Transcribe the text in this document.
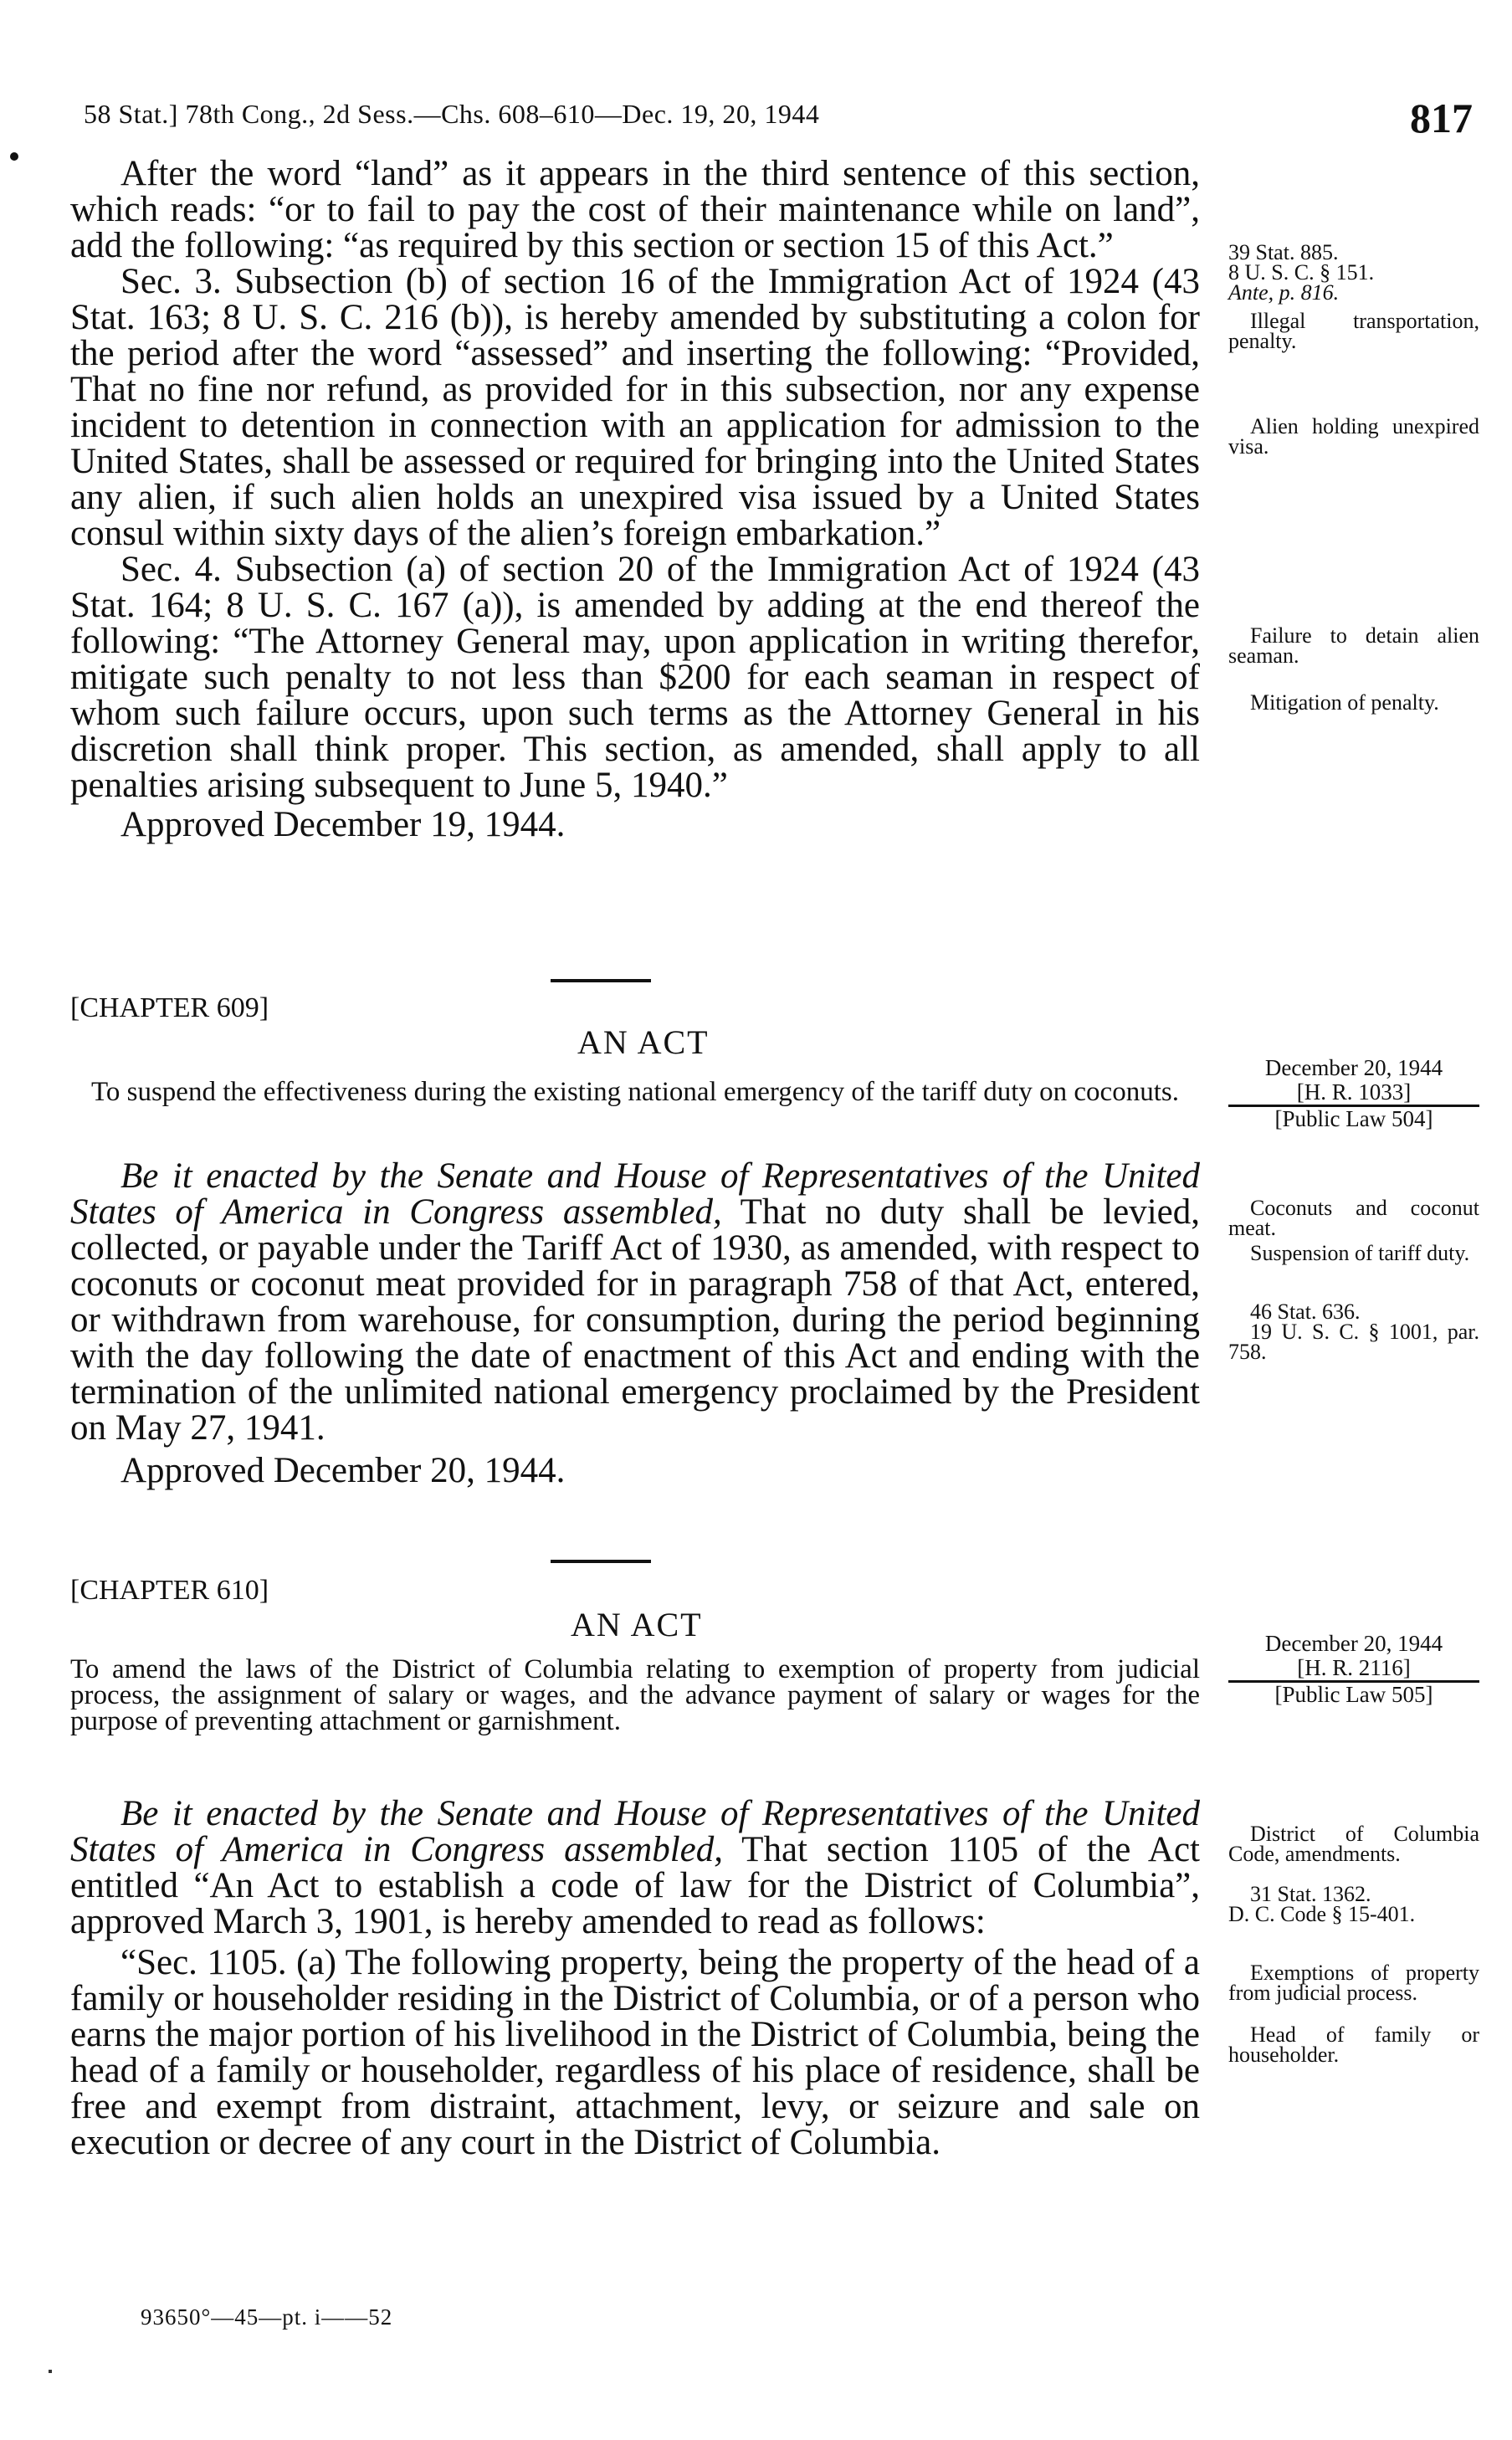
58 Stat.] 78th Cong., 2d Sess.—Chs. 608–610—Dec. 19, 20, 1944	817

After the word “land” as it appears in the third sentence of this section, which reads: “or to fail to pay the cost of their maintenance while on land”, add the following: “as required by this section or section 15 of this Act.”

Sec. 3. Subsection (b) of section 16 of the Immigration Act of 1924 (43 Stat. 163; 8 U. S. C. 216 (b)), is hereby amended by substituting a colon for the period after the word “assessed” and inserting the following: “Provided, That no fine nor refund, as provided for in this subsection, nor any expense incident to detention in connection with an application for admission to the United States, shall be assessed or required for bringing into the United States any alien, if such alien holds an unexpired visa issued by a United States consul within sixty days of the alien’s foreign embarkation.”

Sec. 4. Subsection (a) of section 20 of the Immigration Act of 1924 (43 Stat. 164; 8 U. S. C. 167 (a)), is amended by adding at the end thereof the following: “The Attorney General may, upon application in writing therefor, mitigate such penalty to not less than $200 for each seaman in respect of whom such failure occurs, upon such terms as the Attorney General in his discretion shall think proper. This section, as amended, shall apply to all penalties arising subsequent to June 5, 1940.”

Approved December 19, 1944.

39 Stat. 885.
8 U. S. C. § 151.
Ante, p. 816.
Illegal transportation, penalty.
Alien holding unexpired visa.
Failure to detain alien seaman.
Mitigation of penalty.
[CHAPTER 609]
AN ACT
To suspend the effectiveness during the existing national emergency of the tariff duty on coconuts.
December 20, 1944
[H. R. 1033]
[Public Law 504]

Be it enacted by the Senate and House of Representatives of the United States of America in Congress assembled, That no duty shall be levied, collected, or payable under the Tariff Act of 1930, as amended, with respect to coconuts or coconut meat provided for in paragraph 758 of that Act, entered, or withdrawn from warehouse, for consumption, during the period beginning with the day following the date of enactment of this Act and ending with the termination of the unlimited national emergency proclaimed by the President on May 27, 1941.

Approved December 20, 1944.

Coconuts and coconut meat.
Suspension of tariff duty.
46 Stat. 636.
19 U. S. C. § 1001, par. 758.
[CHAPTER 610]
AN ACT
To amend the laws of the District of Columbia relating to exemption of property from judicial process, the assignment of salary or wages, and the advance payment of salary or wages for the purpose of preventing attachment or garnishment.
December 20, 1944
[H. R. 2116]
[Public Law 505]

Be it enacted by the Senate and House of Representatives of the United States of America in Congress assembled, That section 1105 of the Act entitled “An Act to establish a code of law for the District of Columbia”, approved March 3, 1901, is hereby amended to read as follows:

“Sec. 1105. (a) The following property, being the property of the head of a family or householder residing in the District of Columbia, or of a person who earns the major portion of his livelihood in the District of Columbia, being the head of a family or householder, regardless of his place of residence, shall be free and exempt from distraint, attachment, levy, or seizure and sale on execution or decree of any court in the District of Columbia.

District of Columbia Code, amendments.
31 Stat. 1362.
D. C. Code § 15-401.
Exemptions of property from judicial process.
Head of family or householder.
93650°—45—pt. i——52
